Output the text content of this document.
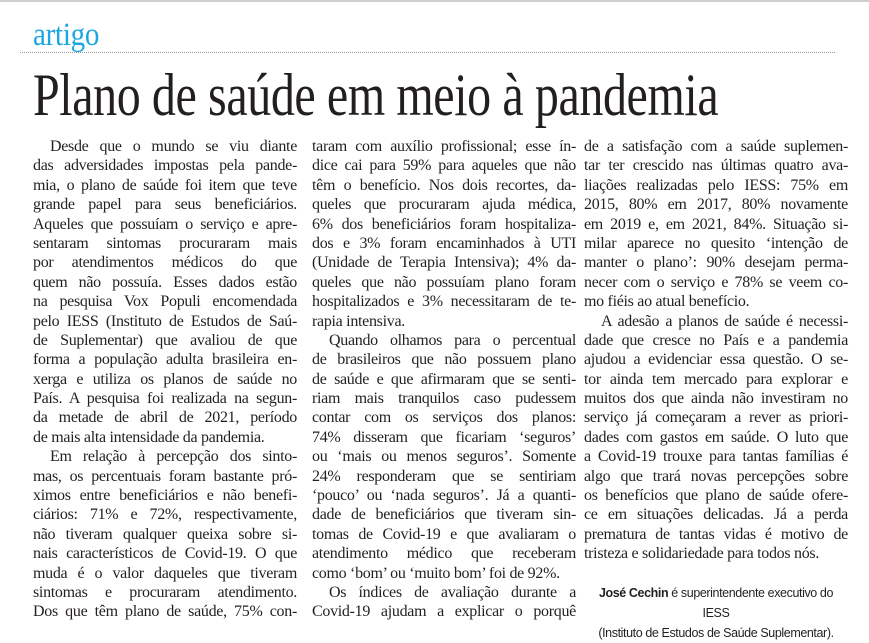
artigo
Plano de saúde em meio à pandemia
Desde que o mundo se viu diante
das adversidades impostas pela pande-
mia, o plano de saúde foi item que teve
grande papel para seus beneficiários.
Aqueles que possuíam o serviço e apre-
sentaram sintomas procuraram mais
por atendimentos médicos do que
quem não possuía. Esses dados estão
na pesquisa Vox Populi encomendada
pelo IESS (Instituto de Estudos de Saú-
de Suplementar) que avaliou de que
forma a população adulta brasileira en-
xerga e utiliza os planos de saúde no
País. A pesquisa foi realizada na segun-
da metade de abril de 2021, período
de mais alta intensidade da pandemia.
Em relação à percepção dos sinto-
mas, os percentuais foram bastante pró-
ximos entre beneficiários e não benefi-
ciários: 71% e 72%, respectivamente,
não tiveram qualquer queixa sobre si-
nais característicos de Covid-19. O que
muda é o valor daqueles que tiveram
sintomas e procuraram atendimento.
Dos que têm plano de saúde, 75% con-
taram com auxílio profissional; esse ín-
dice cai para 59% para aqueles que não
têm o benefício. Nos dois recortes, da-
queles que procuraram ajuda médica,
6% dos beneficiários foram hospitaliza-
dos e 3% foram encaminhados à UTI
(Unidade de Terapia Intensiva); 4% da-
queles que não possuíam plano foram
hospitalizados e 3% necessitaram de te-
rapia intensiva.
Quando olhamos para o percentual
de brasileiros que não possuem plano
de saúde e que afirmaram que se senti-
riam mais tranquilos caso pudessem
contar com os serviços dos planos:
74% disseram que ficariam ‘seguros’
ou ‘mais ou menos seguros’. Somente
24% responderam que se sentiriam
‘pouco’ ou ‘nada seguros’. Já a quanti-
dade de beneficiários que tiveram sin-
tomas de Covid-19 e que avaliaram o
atendimento médico que receberam
como ‘bom’ ou ‘muito bom’ foi de 92%.
Os índices de avaliação durante a
Covid-19 ajudam a explicar o porquê
de a satisfação com a saúde suplemen-
tar ter crescido nas últimas quatro ava-
liações realizadas pelo IESS: 75% em
2015, 80% em 2017, 80% novamente
em 2019 e, em 2021, 84%. Situação si-
milar aparece no quesito ‘intenção de
manter o plano’: 90% desejam perma-
necer com o serviço e 78% se veem co-
mo fiéis ao atual benefício.
A adesão a planos de saúde é necessi-
dade que cresce no País e a pandemia
ajudou a evidenciar essa questão. O se-
tor ainda tem mercado para explorar e
muitos dos que ainda não investiram no
serviço já começaram a rever as priori-
dades com gastos em saúde. O luto que
a Covid-19 trouxe para tantas famílias é
algo que trará novas percepções sobre
os benefícios que plano de saúde ofere-
ce em situações delicadas. Já a perda
prematura de tantas vidas é motivo de
tristeza e solidariedade para todos nós.
José Cechin é superintendente executivo do IESS
(Instituto de Estudos de Saúde Suplementar).
